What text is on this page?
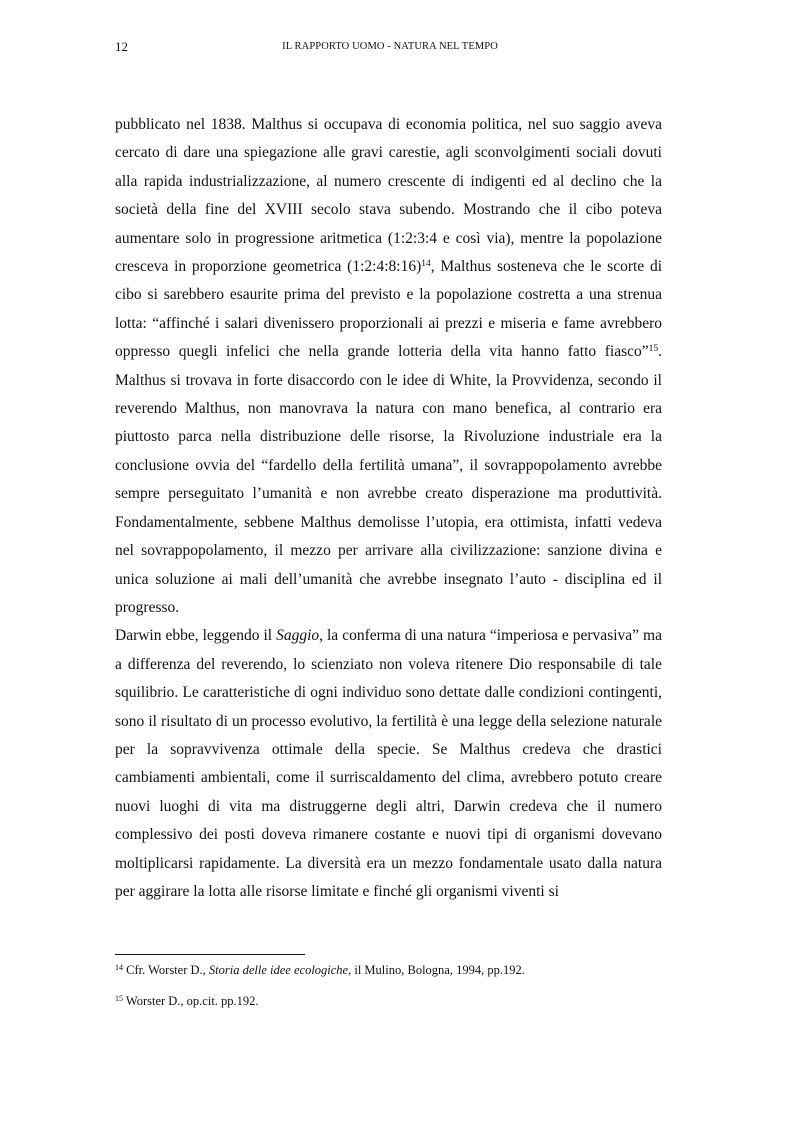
12	IL RAPPORTO UOMO - NATURA NEL TEMPO

pubblicato nel 1838. Malthus si occupava di economia politica, nel suo saggio aveva cercato di dare una spiegazione alle gravi carestie, agli sconvolgimenti sociali dovuti alla rapida industrializzazione, al numero crescente di indigenti ed al declino che la società della fine del XVIII secolo stava subendo. Mostrando che il cibo poteva aumentare solo in progressione aritmetica (1:2:3:4 e così via), mentre la popolazione cresceva in proporzione geometrica (1:2:4:8:16)$^{14}$, Malthus sosteneva che le scorte di cibo si sarebbero esaurite prima del previsto e la popolazione costretta a una strenua lotta: “affinché i salari divenissero proporzionali ai prezzi e miseria e fame avrebbero oppresso quegli infelici che nella grande lotteria della vita hanno fatto fiasco”$^{15}$. Malthus si trovava in forte disaccordo con le idee di White, la Provvidenza, secondo il reverendo Malthus, non manovrava la natura con mano benefica, al contrario era piuttosto parca nella distribuzione delle risorse, la Rivoluzione industriale era la conclusione ovvia del “fardello della fertilità umana”, il sovrappopolamento avrebbe sempre perseguitato l’umanità e non avrebbe creato disperazione ma produttività. Fondamentalmente, sebbene Malthus demolisse l’utopia, era ottimista, infatti vedeva nel sovrappopolamento, il mezzo per arrivare alla civilizzazione: sanzione divina e unica soluzione ai mali dell’umanità che avrebbe insegnato l’auto - disciplina ed il progresso.

Darwin ebbe, leggendo il Saggio, la conferma di una natura “imperiosa e pervasiva” ma a differenza del reverendo, lo scienziato non voleva ritenere Dio responsabile di tale squilibrio. Le caratteristiche di ogni individuo sono dettate dalle condizioni contingenti, sono il risultato di un processo evolutivo, la fertilità è una legge della selezione naturale per la sopravvivenza ottimale della specie. Se Malthus credeva che drastici cambiamenti ambientali, come il surriscaldamento del clima, avrebbero potuto creare nuovi luoghi di vita ma distruggerne degli altri, Darwin credeva che il numero complessivo dei posti doveva rimanere costante e nuovi tipi di organismi dovevano moltiplicarsi rapidamente. La diversità era un mezzo fondamentale usato dalla natura per aggirare la lotta alle risorse limitate e finché gli organismi viventi si

$^{14}$ Cfr. Worster D., Storia delle idee ecologiche, il Mulino, Bologna, 1994, pp.192.
$^{15}$ Worster D., op.cit. pp.192.
